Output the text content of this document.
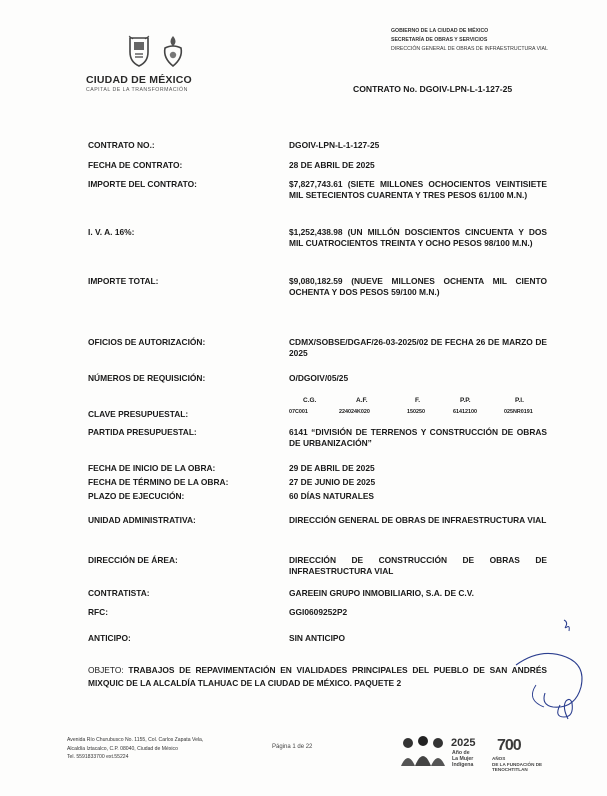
CIUDAD DE MÉXICO
CAPITAL DE LA TRANSFORMACIÓN
GOBIERNO DE LA CIUDAD DE MÉXICO
SECRETARÍA DE OBRAS Y SERVICIOS
DIRECCIÓN GENERAL DE OBRAS DE INFRAESTRUCTURA VIAL
CONTRATO No. DGOIV-LPN-L-1-127-25
CONTRATO NO.:	DGOIV-LPN-L-1-127-25
FECHA DE CONTRATO:	28 DE ABRIL DE 2025
IMPORTE DEL CONTRATO:	$7,827,743.61 (SIETE MILLONES OCHOCIENTOS VEINTISIETE MIL SETECIENTOS CUARENTA Y TRES PESOS 61/100 M.N.)
I. V. A. 16%:	$1,252,438.98 (UN MILLÓN DOSCIENTOS CINCUENTA Y DOS MIL CUATROCIENTOS TREINTA Y OCHO PESOS 98/100 M.N.)
IMPORTE TOTAL:	$9,080,182.59 (NUEVE MILLONES OCHENTA MIL CIENTO OCHENTA Y DOS PESOS 59/100 M.N.)
OFICIOS DE AUTORIZACIÓN:	CDMX/SOBSE/DGAF/26-03-2025/02 DE FECHA 26 DE MARZO DE 2025
NÚMEROS DE REQUISICIÓN:	O/DGOIV/05/25
C.G.	A.F.	F.	P.P.	P.I.
CLAVE PRESUPUESTAL:	07C001	224024K020	150250	61412100	025NR0191
PARTIDA PRESUPUESTAL:	6141 “DIVISIÓN DE TERRENOS Y CONSTRUCCIÓN DE OBRAS DE URBANIZACIÓN”
FECHA DE INICIO DE LA OBRA:	29 DE ABRIL DE 2025
FECHA DE TÉRMINO DE LA OBRA:	27 DE JUNIO DE 2025
PLAZO DE EJECUCIÓN:	60 DÍAS NATURALES
UNIDAD ADMINISTRATIVA:	DIRECCIÓN GENERAL DE OBRAS DE INFRAESTRUCTURA VIAL
DIRECCIÓN DE ÁREA:	DIRECCIÓN DE CONSTRUCCIÓN DE OBRAS DE INFRAESTRUCTURA VIAL
CONTRATISTA:	GAREEIN GRUPO INMOBILIARIO, S.A. DE C.V.
RFC:	GGI0609252P2
ANTICIPO:	SIN ANTICIPO
OBJETO: TRABAJOS DE REPAVIMENTACIÓN EN VIALIDADES PRINCIPALES DEL PUEBLO DE SAN ANDRÉS MIXQUIC DE LA ALCALDÍA TLAHUAC DE LA CIUDAD DE MÉXICO. PAQUETE 2
Avenida Río Churubusco No. 1155, Col. Carlos Zapata Vela,
Alcaldía Iztacalco, C.P. 08040, Ciudad de México
Tel. 5591833700 ext.55224
Página 1 de 22	2025
Año de
La Mujer
Indígena
700
AÑOS
DE LA FUNDACIÓN DE
TENOCHTITLAN
